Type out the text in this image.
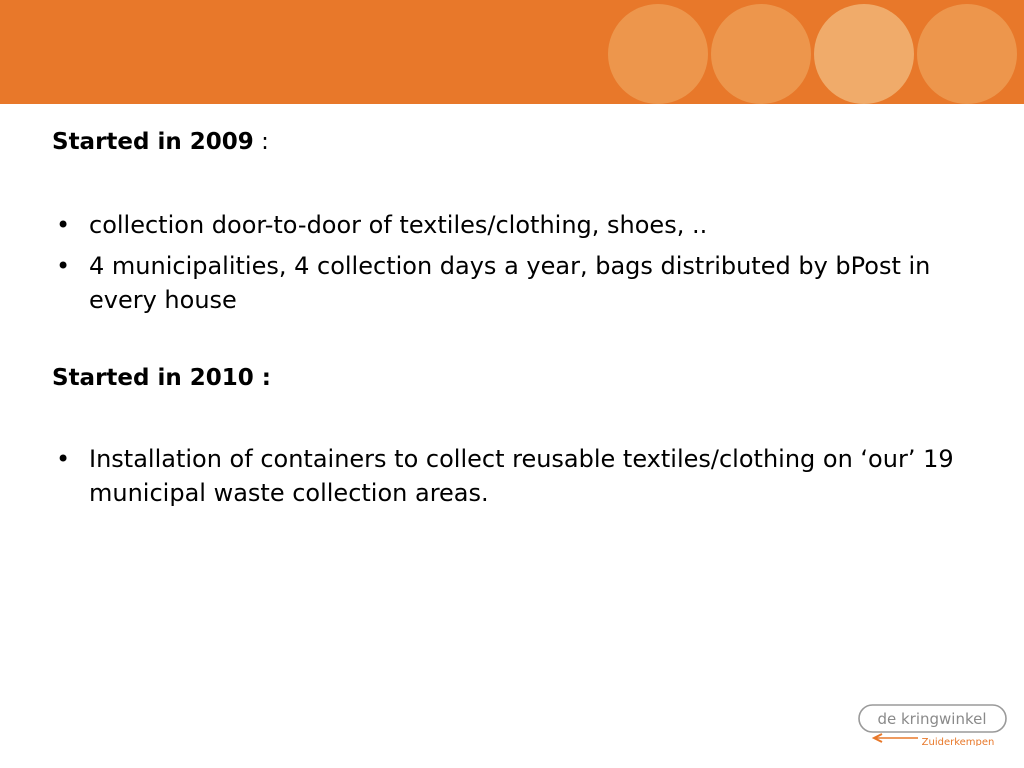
Started in 2009 :

• collection door-to-door of textiles/clothing, shoes, ..
• 4 municipalities, 4 collection days a year, bags distributed by bPost in every house

Started in 2010 :

• Installation of containers to collect reusable textiles/clothing on ‘our’ 19 municipal waste collection areas.
de kringwinkel
Zuiderkempen
